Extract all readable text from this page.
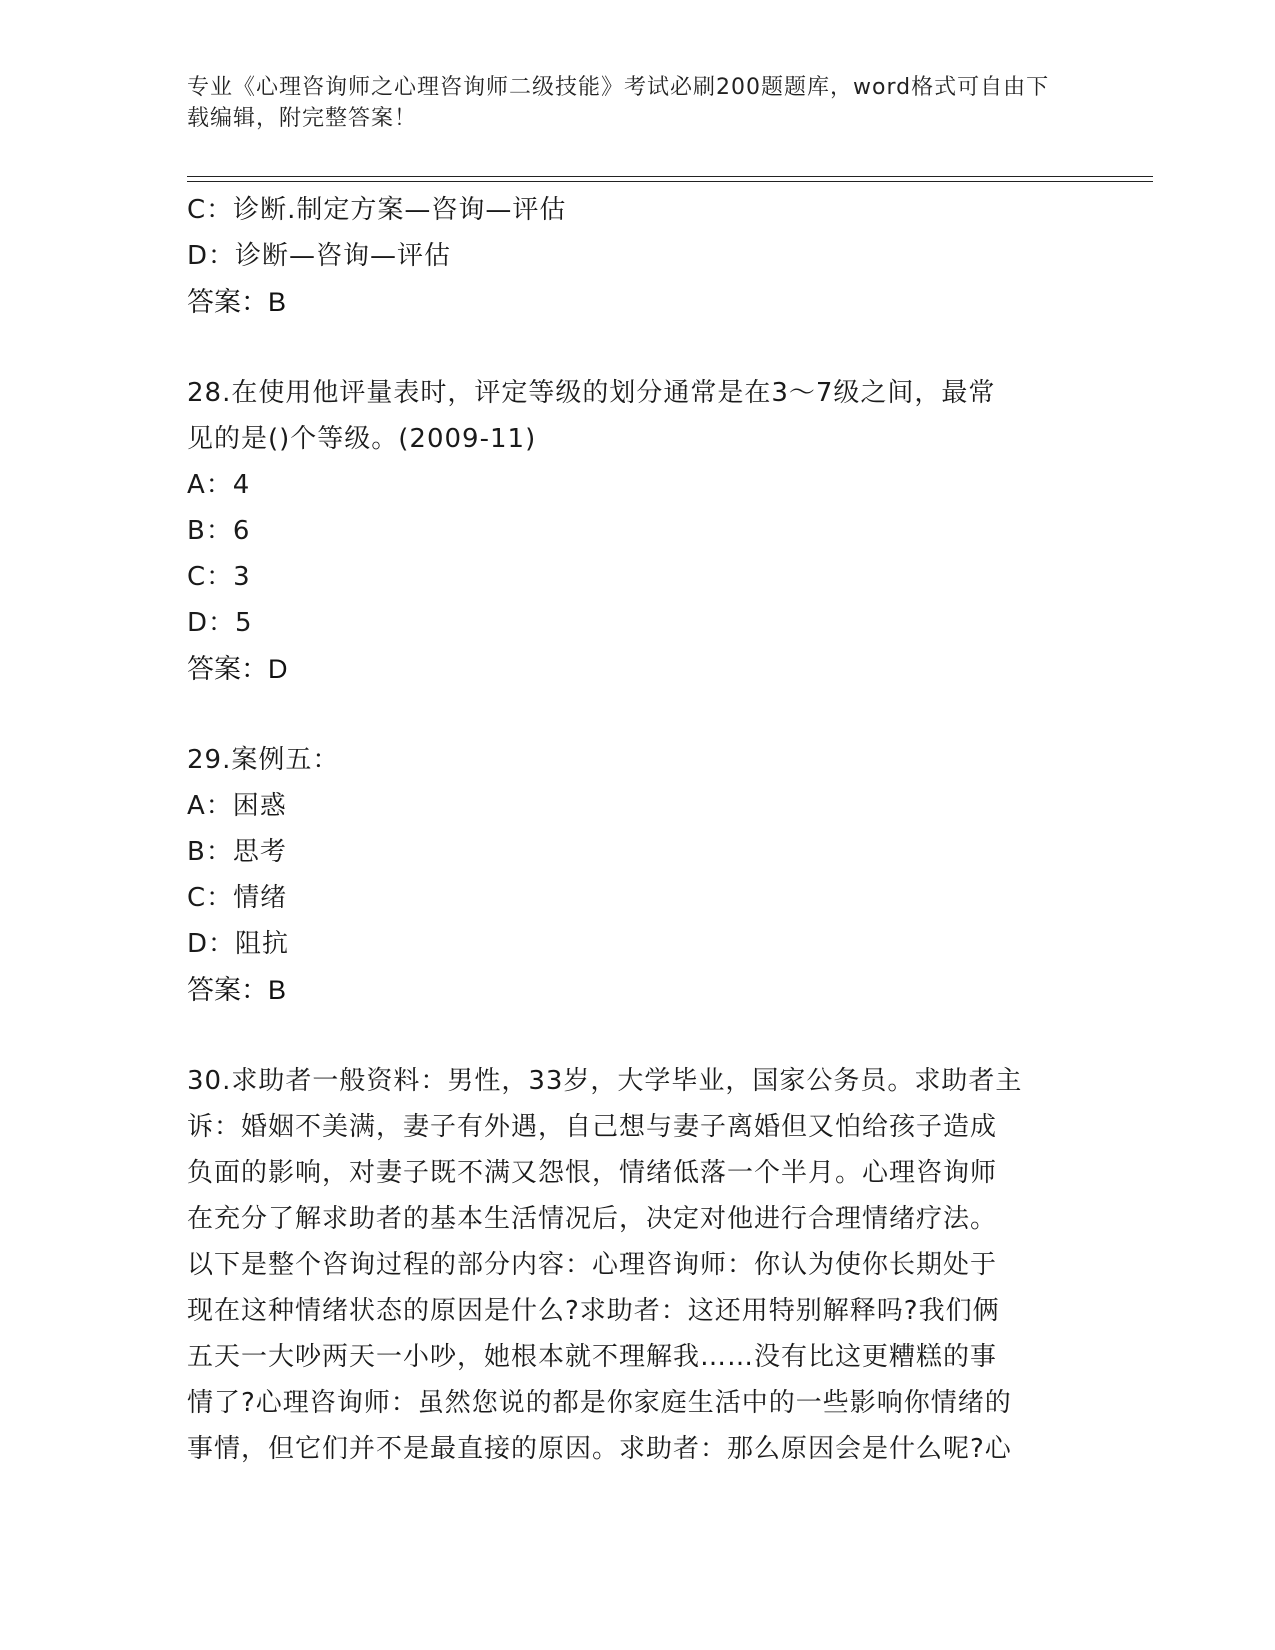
专业《心理咨询师之心理咨询师二级技能》考试必刷200题题库，word格式可自由下载编辑，附完整答案！
C：诊断.制定方案—咨询—评估
D：诊断—咨询—评估
答案：B
28.在使用他评量表时，评定等级的划分通常是在3～7级之间，最常
见的是()个等级。(2009-11)
A：4
B：6
C：3
D：5
答案：D
29.案例五：
A：困惑
B：思考
C：情绪
D：阻抗
答案：B
30.求助者一般资料：男性，33岁，大学毕业，国家公务员。求助者主
诉：婚姻不美满，妻子有外遇，自己想与妻子离婚但又怕给孩子造成
负面的影响，对妻子既不满又怨恨，情绪低落一个半月。心理咨询师
在充分了解求助者的基本生活情况后，决定对他进行合理情绪疗法。
以下是整个咨询过程的部分内容：心理咨询师：你认为使你长期处于
现在这种情绪状态的原因是什么?求助者：这还用特别解释吗?我们俩
五天一大吵两天一小吵，她根本就不理解我……没有比这更糟糕的事
情了?心理咨询师：虽然您说的都是你家庭生活中的一些影响你情绪的
事情，但它们并不是最直接的原因。求助者：那么原因会是什么呢?心
